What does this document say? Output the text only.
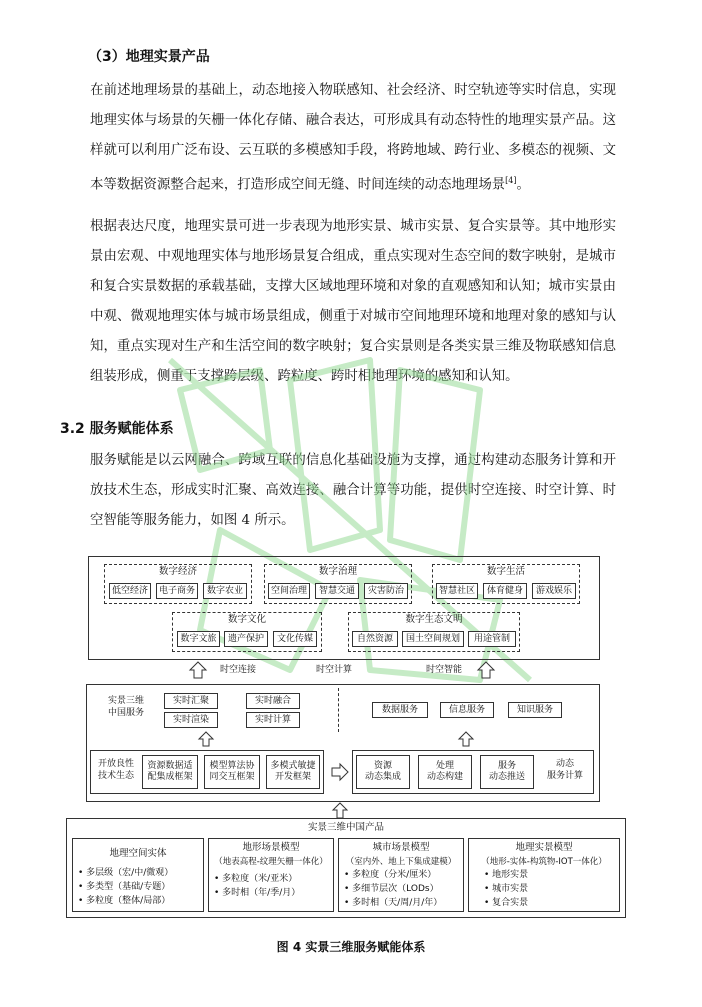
（3）地理实景产品
在前述地理场景的基础上，动态地接入物联感知、社会经济、时空轨迹等实时信息，实现地理实体与场景的矢栅一体化存储、融合表达，可形成具有动态特性的地理实景产品。这样就可以利用广泛布设、云互联的多模感知手段，将跨地域、跨行业、多模态的视频、文本等数据资源整合起来，打造形成空间无缝、时间连续的动态地理场景[4]。
根据表达尺度，地理实景可进一步表现为地形实景、城市实景、复合实景等。其中地形实景由宏观、中观地理实体与地形场景复合组成，重点实现对生态空间的数字映射，是城市和复合实景数据的承载基础，支撑大区域地理环境和对象的直观感知和认知；城市实景由中观、微观地理实体与城市场景组成，侧重于对城市空间地理环境和地理对象的感知与认知，重点实现对生产和生活空间的数字映射；复合实景则是各类实景三维及物联感知信息组装形成，侧重于支撑跨层级、跨粒度、跨时相地理环境的感知和认知。
3.2 服务赋能体系
服务赋能是以云网融合、跨域互联的信息化基础设施为支撑，通过构建动态服务计算和开放技术生态，形成实时汇聚、高效连接、融合计算等功能，提供时空连接、时空计算、时空智能等服务能力，如图 4 所示。
数字经济
低空经济	电子商务	数字农业
数字治理
空间治理	智慧交通	灾害防治
数字生活
智慧社区	体育健身	游戏娱乐
数字文化
数字文旅	遗产保护	文化传媒
数字生态文明
自然资源	国土空间规划	用途管制
时空连接	时空计算	时空智能
实景三维
中国服务
实时汇聚	实时融合
实时渲染	实时计算
数据服务	信息服务	知识服务
开放良性
技术生态
资源数据适
配集成框架
模型算法协
同交互框架
多模式敏捷
开发框架
资源
动态集成
处理
动态构建
服务
动态推送
动态
服务计算
实景三维中国产品
地理空间实体
• 多层级（宏/中/微观）
• 多类型（基础/专题）
• 多粒度（整体/局部）
地形场景模型
（地表高程-纹理矢栅一体化）
• 多粒度（米/亚米）
• 多时相（年/季/月）
城市场景模型
（室内外、地上下集成建模）
• 多粒度（分米/厘米）
• 多细节层次（LODs）
• 多时相（天/周/月/年）
地理实景模型
（地形-实体-构筑物-IOT一体化）
• 地形实景
• 城市实景
• 复合实景
图 4 实景三维服务赋能体系
